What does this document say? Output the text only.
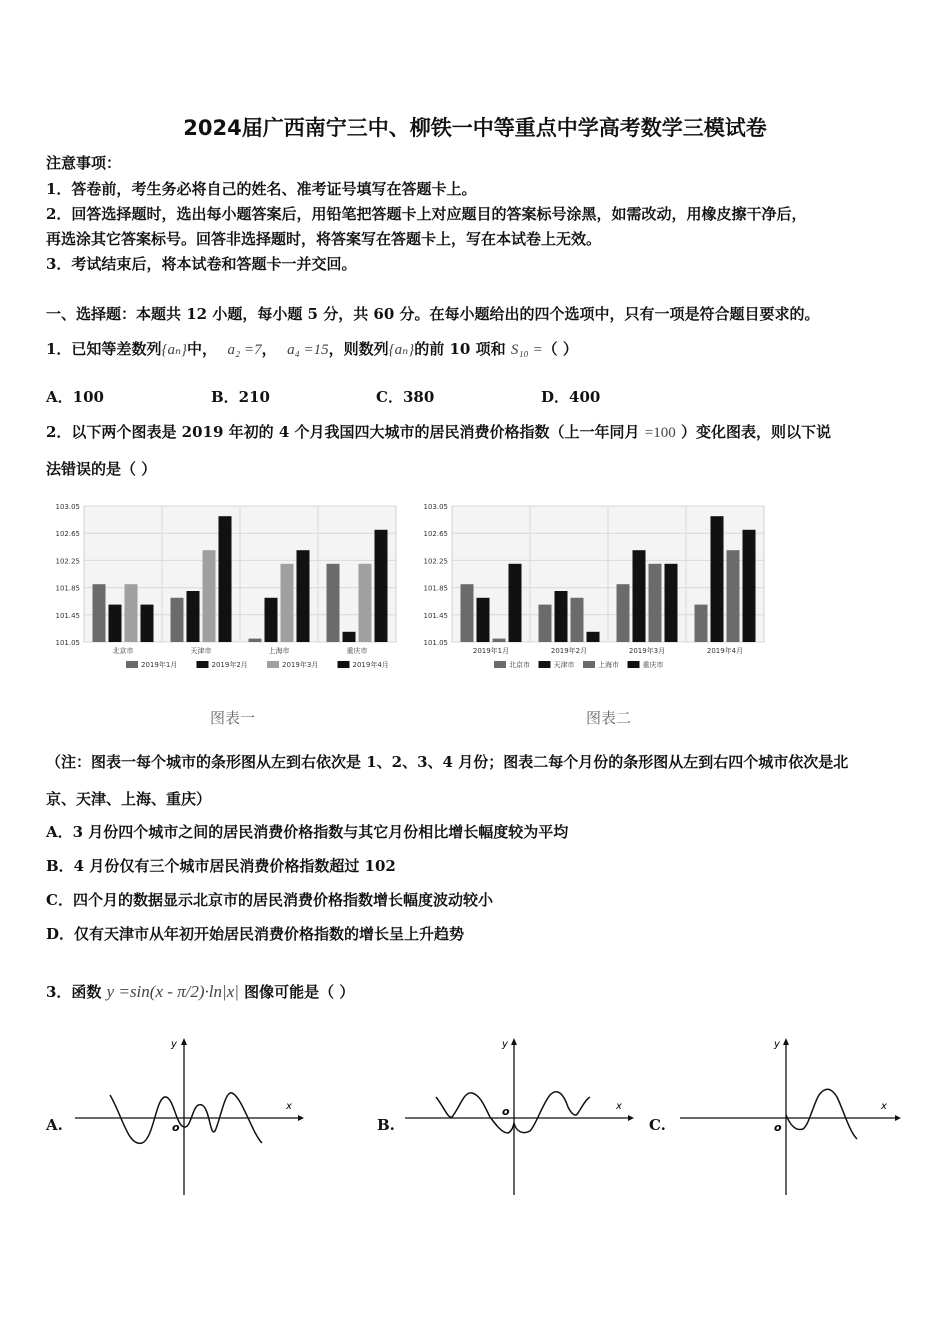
2024届广西南宁三中、柳铁一中等重点中学高考数学三模试卷
注意事项：
1．答卷前，考生务必将自己的姓名、准考证号填写在答题卡上。
2．回答选择题时，选出每小题答案后，用铅笔把答题卡上对应题目的答案标号涂黑，如需改动，用橡皮擦干净后，
再选涂其它答案标号。回答非选择题时，将答案写在答题卡上，写在本试卷上无效。
3．考试结束后，将本试卷和答题卡一并交回。
一、选择题：本题共 12 小题，每小题 5 分，共 60 分。在每小题给出的四个选项中，只有一项是符合题目要求的。
1．已知等差数列{aₙ}中， a₂ =7， a₄ =15，则数列{aₙ}的前 10 项和 S₁₀ =（ ）
A．100	B．210	C．380	D．400
2．以下两个图表是 2019 年初的 4 个月我国四大城市的居民消费价格指数（上一年同月 =100 ）变化图表，则以下说
法错误的是（ ）
101.05
101.45
101.85
102.25
102.65
103.05
北京市	天津市	上海市	重庆市
2019年1月	2019年2月	2019年3月	2019年4月
101.05
101.45
101.85
102.25
102.65
103.05
2019年1月	2019年2月	2019年3月	2019年4月
北京市	天津市	上海市	重庆市
图表一	图表二
（注：图表一每个城市的条形图从左到右依次是 1、2、3、4 月份；图表二每个月份的条形图从左到右四个城市依次是北
京、天津、上海、重庆）
A．3 月份四个城市之间的居民消费价格指数与其它月份相比增长幅度较为平均
B．4 月份仅有三个城市居民消费价格指数超过 102
C．四个月的数据显示北京市的居民消费价格指数增长幅度波动较小
D．仅有天津市从年初开始居民消费价格指数的增长呈上升趋势
3．函数 y =sin(x - π/2)·ln|x| 图像可能是（ ）
A.	B.	C.
x
y
o
x
y
o	x
y
o
